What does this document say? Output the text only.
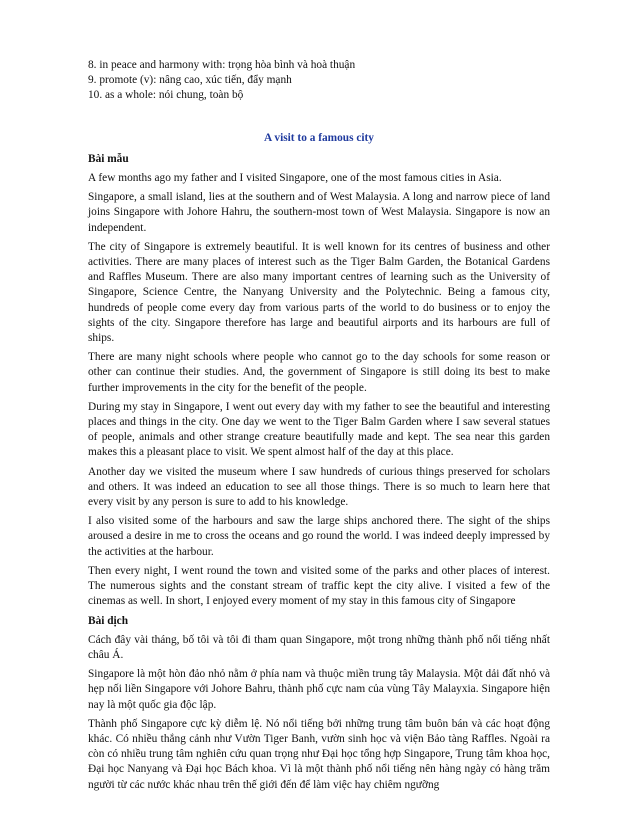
8. in peace and harmony with: trọng hòa bình và hoà thuận
9. promote (v): nâng cao, xúc tiến, đẩy mạnh
10. as a whole: nói chung, toàn bộ
A visit to a famous city
Bài mẫu

A few months ago my father and I visited Singapore, one of the most famous cities in Asia.

Singapore, a small island, lies at the southern and of West Malaysia. A long and narrow piece of land joins Singapore with Johore Hahru, the southern-most town of West Malaysia. Singapore is now an independent.

The city of Singapore is extremely beautiful. It is well known for its centres of business and other activities. There are many places of interest such as the Tiger Balm Garden, the Botanical Gardens and Raffles Museum. There are also many important centres of learning such as the University of Singapore, Science Centre, the Nanyang University and the Polytechnic. Being a famous city, hundreds of people come every day from various parts of the world to do business or to enjoy the sights of the city. Singapore therefore has large and beautiful airports and its harbours are full of ships.

There are many night schools where people who cannot go to the day schools for some reason or other can continue their studies. And, the government of Singapore is still doing its best to make further improvements in the city for the benefit of the people.

During my stay in Singapore, I went out every day with my father to see the beautiful and interesting places and things in the city. One day we went to the Tiger Balm Garden where I saw several statues of people, animals and other strange creature beautifully made and kept. The sea near this garden makes this a pleasant place to visit. We spent almost half of the day at this place.

Another day we visited the museum where I saw hundreds of curious things preserved for scholars and others. It was indeed an education to see all those things. There is so much to learn here that every visit by any person is sure to add to his knowledge.

I also visited some of the harbours and saw the large ships anchored there. The sight of the ships aroused a desire in me to cross the oceans and go round the world. I was indeed deeply impressed by the activities at the harbour.

Then every night, I went round the town and visited some of the parks and other places of interest. The numerous sights and the constant stream of traffic kept the city alive. I visited a few of the cinemas as well. In short, I enjoyed every moment of my stay in this famous city of Singapore

Bài dịch

Cách đây vài tháng, bố tôi và tôi đi tham quan Singapore, một trong những thành phố nổi tiếng nhất châu Á.

Singapore là một hòn đảo nhỏ nằm ở phía nam và thuộc miền trung tây Malaysia. Một dải đất nhỏ và hẹp nối liền Singapore với Johore Bahru, thành phố cực nam của vùng Tây Malayxia. Singapore hiện nay là một quốc gia độc lập.

Thành phố Singapore cực kỳ diễm lệ. Nó nổi tiếng bởi những trung tâm buôn bán và các hoạt động khác. Có nhiều thắng cảnh như Vườn Tiger Banh, vườn sinh học và viện Bảo tàng Raffles. Ngoài ra còn có nhiều trung tâm nghiên cứu quan trọng như Đại học tổng hợp Singapore, Trung tâm khoa học, Đại học Nanyang và Đại học Bách khoa. Vì là một thành phố nổi tiếng nên hàng ngày có hàng trăm người từ các nước khác nhau trên thế giới đến để làm việc hay chiêm ngưỡng
